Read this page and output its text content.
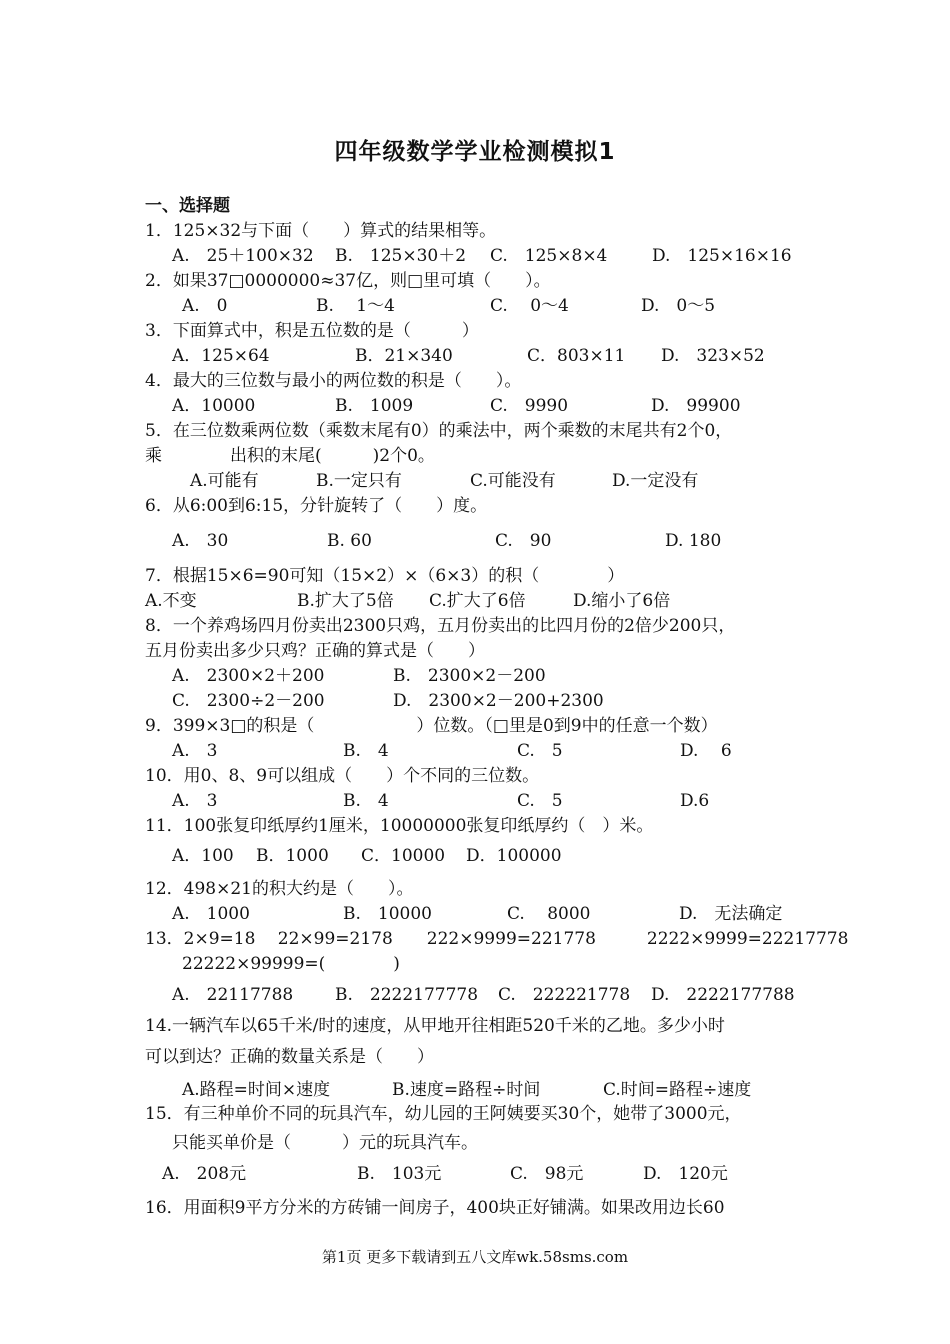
四年级数学学业检测模拟1
一、选择题
1．125×32与下面（　　）算式的结果相等。
A.　25＋100×32 B.　125×30＋2 C.　125×8×4	D.　125×16×16
2．如果37□0000000≈37亿，则□里可填（　　）。
A.　0	B.　 1～4	C.　 0～4	D.　0～5
3．下面算式中，积是五位数的是（　　　）
A．125×64	B．21×340	C．803×11 D.　323×52
4．最大的三位数与最小的两位数的积是（　　）。
A．10000	B.　1009	C.　9990	D.　99900
5．在三位数乘两位数（乘数末尾有0）的乘法中，两个乘数的末尾共有2个0，
乘　　　　出积的末尾(　　　)2个0。
A.可能有	B.一定只有	C.可能没有	D.一定没有
6．从6:00到6:15，分针旋转了（　　）度。
A.　30	B. 60	C.　90	D. 180
7．根据15×6=90可知（15×2）×（6×3）的积（　　　　）
A.不变	B.扩大了5倍 C.扩大了6倍	D.缩小了6倍
8．一个养鸡场四月份卖出2300只鸡，五月份卖出的比四月份的2倍少200只，
五月份卖出多少只鸡？正确的算式是（　　）
A.　2300×2＋200	B.　2300×2－200
C.　2300÷2－200	D.　2300×2－200+2300
9．399×3□的积是（　　　　　　）位数。（□里是0到9中的任意一个数）
A.　3	B.　4	C.　5	D.　 6
10．用0、8、9可以组成（　　）个不同的三位数。
A.　3	B.　4	C.　5	D.6
11．100张复印纸厚约1厘米，10000000张复印纸厚约（　）米。
A．100 B．1000 C．10000 D．100000
12．498×21的积大约是（　　）。
A.　1000	B.　10000	C.　 8000	D.　无法确定
13．2×9=18　 22×99=2178　　222×9999=221778　　　2222×9999=22217778
22222×99999=(　　　　)
A.　22117788 B.　2222177778 C.　222221778 D.　2222177788
14.一辆汽车以65千米/时的速度，从甲地开往相距520千米的乙地。多少小时
可以到达？正确的数量关系是（　　）
A.路程=时间×速度	B.速度=路程÷时间	C.时间=路程÷速度
15．有三种单价不同的玩具汽车，幼儿园的王阿姨要买30个，她带了3000元，
只能买单价是（　　　）元的玩具汽车。
A.　208元	B.　103元	C.　98元	D.　120元
16．用面积9平方分米的方砖铺一间房子，400块正好铺满。如果改用边长60
第1页 更多下载请到五八文库wk.58sms.com
